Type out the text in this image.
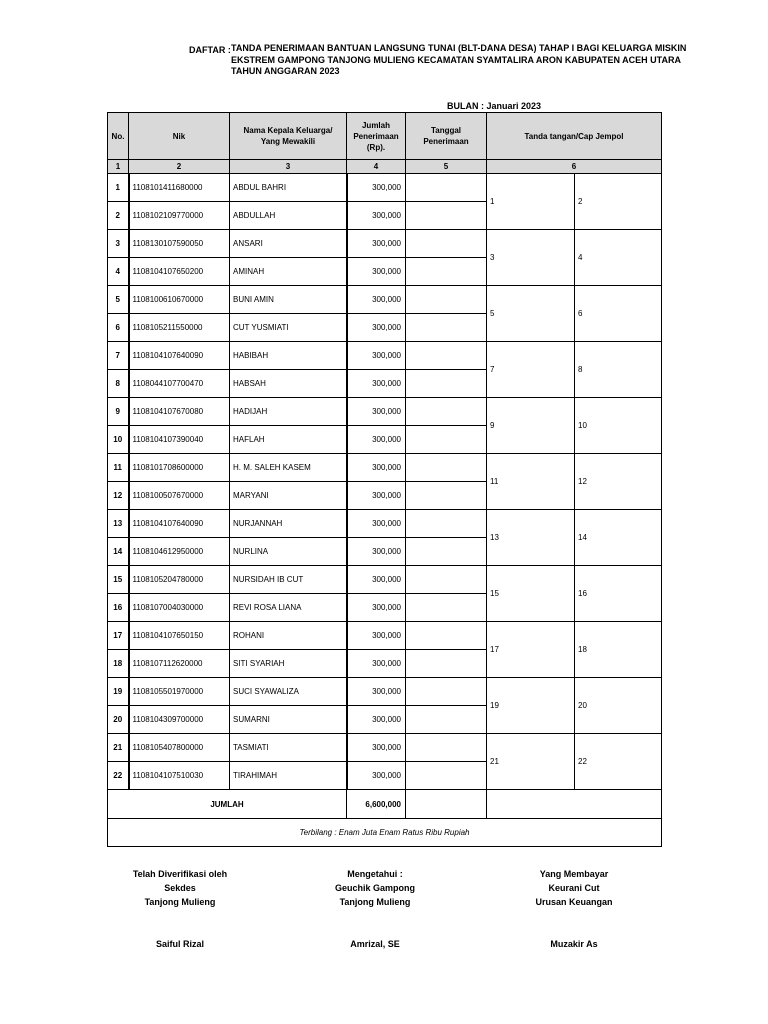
DAFTAR : TANDA PENERIMAAN BANTUAN LANGSUNG TUNAI (BLT-DANA DESA) TAHAP I BAGI KELUARGA MISKIN
EKSTREM GAMPONG TANJONG MULIENG KECAMATAN SYAMTALIRA ARON KABUPATEN ACEH UTARA
TAHUN ANGGARAN 2023
BULAN : Januari 2023
No.	Nik	Nama Kepala Keluarga/ Yang Mewakili	Jumlah Penerimaan (Rp).	Tanggal Penerimaan	Tanda tangan/Cap Jempol	
1	2	3	4	5	6	
1	1108101411680000	ABDUL BAHRI	300,000		1	2
2	1108102109770000	ABDULLAH	300,000			
3	1108130107590050	ANSARI	300,000		3	4
4	1108104107650200	AMINAH	300,000			
5	1108100610670000	BUNI AMIN	300,000		5	6
6	1108105211550000	CUT YUSMIATI	300,000			
7	1108104107640090	HABIBAH	300,000		7	8
8	1108044107700470	HABSAH	300,000			
9	1108104107670080	HADIJAH	300,000		9	10
10	1108104107390040	HAFLAH	300,000			
11	1108101708600000	H. M. SALEH KASEM	300,000		11	12
12	1108100507670000	MARYANI	300,000			
13	1108104107640090	NURJANNAH	300,000		13	14
14	1108104612950000	NURLINA	300,000			
15	1108105204780000	NURSIDAH IB CUT	300,000		15	16
16	1108107004030000	REVI ROSA LIANA	300,000			
17	1108104107650150	ROHANI	300,000		17	18
18	1108107112620000	SITI SYARIAH	300,000			
19	1108105501970000	SUCI SYAWALIZA	300,000		19	20
20	1108104309700000	SUMARNI	300,000			
21	1108105407800000	TASMIATI	300,000		21	22
22	1108104107510030	TIRAHIMAH	300,000			
JUMLAH			6,600,000			
Terbilang : Enam Juta Enam Ratus Ribu Rupiah						
Telah Diverifikasi oleh
Sekdes
Tanjong Mulieng
Saiful Rizal
Mengetahui :
Geuchik Gampong
Tanjong Mulieng
Amrizal, SE
Yang Membayar
Keurani Cut
Urusan Keuangan
Muzakir As
